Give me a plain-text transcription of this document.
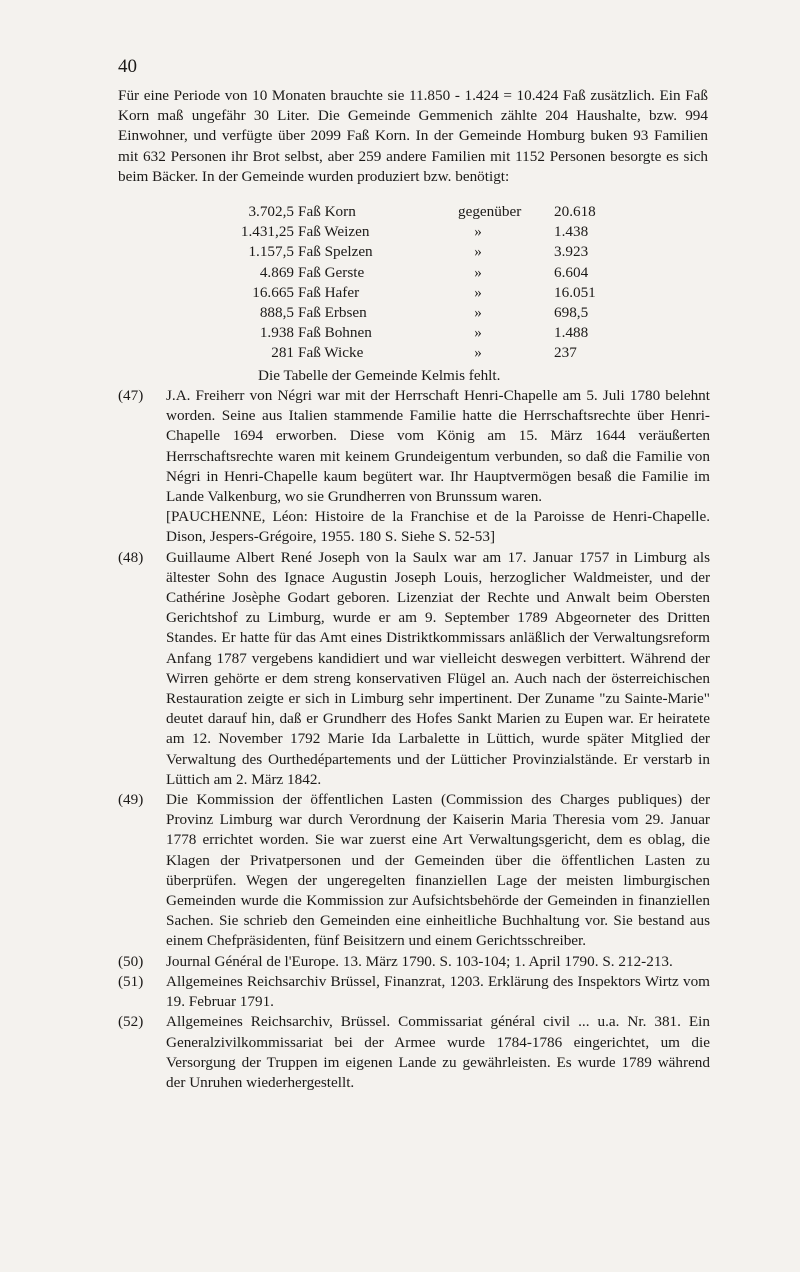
40
Für eine Periode von 10 Monaten brauchte sie 11.850 - 1.424 = 10.424 Faß zusätzlich. Ein Faß Korn maß ungefähr 30 Liter. Die Gemeinde Gemmenich zählte 204 Haushalte, bzw. 994 Einwohner, und verfügte über 2099 Faß Korn. In der Gemeinde Homburg buken 93 Familien mit 632 Personen ihr Brot selbst, aber 259 andere Familien mit 1152 Personen besorgte es sich beim Bäcker. In der Gemeinde wurden produziert bzw. benötigt:
3.702,5 Faß Korn	gegenüber 20.618
1.431,25 Faß Weizen	»	1.438
1.157,5 Faß Spelzen	»	3.923
4.869 Faß Gerste	»	6.604
16.665 Faß Hafer	»	16.051
888,5 Faß Erbsen	»	698,5
1.938 Faß Bohnen	»	1.488
281 Faß Wicke	»	237
Die Tabelle der Gemeinde Kelmis fehlt.
(47) J.A. Freiherr von Négri war mit der Herrschaft Henri-Chapelle am 5. Juli 1780 belehnt worden. Seine aus Italien stammende Familie hatte die Herrschaftsrechte über Henri-Chapelle 1694 erworben. Diese vom König am 15. März 1644 veräußerten Herrschaftsrechte waren mit keinem Grundeigentum verbunden, so daß die Familie von Négri in Henri-Chapelle kaum begütert war. Ihr Hauptvermögen besaß die Familie im Lande Valkenburg, wo sie Grundherren von Brunssum waren.

[PAUCHENNE, Léon: Histoire de la Franchise et de la Paroisse de Henri-Chapelle. Dison, Jespers-Grégoire, 1955. 180 S. Siehe S. 52-53]

(48) Guillaume Albert René Joseph von la Saulx war am 17. Januar 1757 in Limburg als ältester Sohn des Ignace Augustin Joseph Louis, herzoglicher Waldmeister, und der Cathérine Josèphe Godart geboren. Lizenziat der Rechte und Anwalt beim Obersten Gerichtshof zu Limburg, wurde er am 9. September 1789 Abgeorneter des Dritten Standes. Er hatte für das Amt eines Distriktkommissars anläßlich der Verwaltungsreform Anfang 1787 vergebens kandidiert und war vielleicht deswegen verbittert. Während der Wirren gehörte er dem streng konservativen Flügel an. Auch nach der österreichischen Restauration zeigte er sich in Limburg sehr impertinent. Der Zuname "zu Sainte-Marie" deutet darauf hin, daß er Grundherr des Hofes Sankt Marien zu Eupen war. Er heiratete am 12. November 1792 Marie Ida Larbalette in Lüttich, wurde später Mitglied der Verwaltung des Ourthedépartements und der Lütticher Provinzialstände. Er verstarb in Lüttich am 2. März 1842.

(49) Die Kommission der öffentlichen Lasten (Commission des Charges publiques) der Provinz Limburg war durch Verordnung der Kaiserin Maria Theresia vom 29. Januar 1778 errichtet worden. Sie war zuerst eine Art Verwaltungsgericht, dem es oblag, die Klagen der Privatpersonen und der Gemeinden über die öffentlichen Lasten zu überprüfen. Wegen der ungeregelten finanziellen Lage der meisten limburgischen Gemeinden wurde die Kommission zur Aufsichtsbehörde der Gemeinden in finanziellen Sachen. Sie schrieb den Gemeinden eine einheitliche Buchhaltung vor. Sie bestand aus einem Chefpräsidenten, fünf Beisitzern und einem Gerichtsschreiber.

(50) Journal Général de l'Europe. 13. März 1790. S. 103-104; 1. April 1790. S. 212-213.

(51) Allgemeines Reichsarchiv Brüssel, Finanzrat, 1203. Erklärung des Inspektors Wirtz vom 19. Februar 1791.

(52) Allgemeines Reichsarchiv, Brüssel. Commissariat général civil ... u.a. Nr. 381. Ein Generalzivilkommissariat bei der Armee wurde 1784-1786 eingerichtet, um die Versorgung der Truppen im eigenen Lande zu gewährleisten. Es wurde 1789 während der Unruhen wiederhergestellt.
